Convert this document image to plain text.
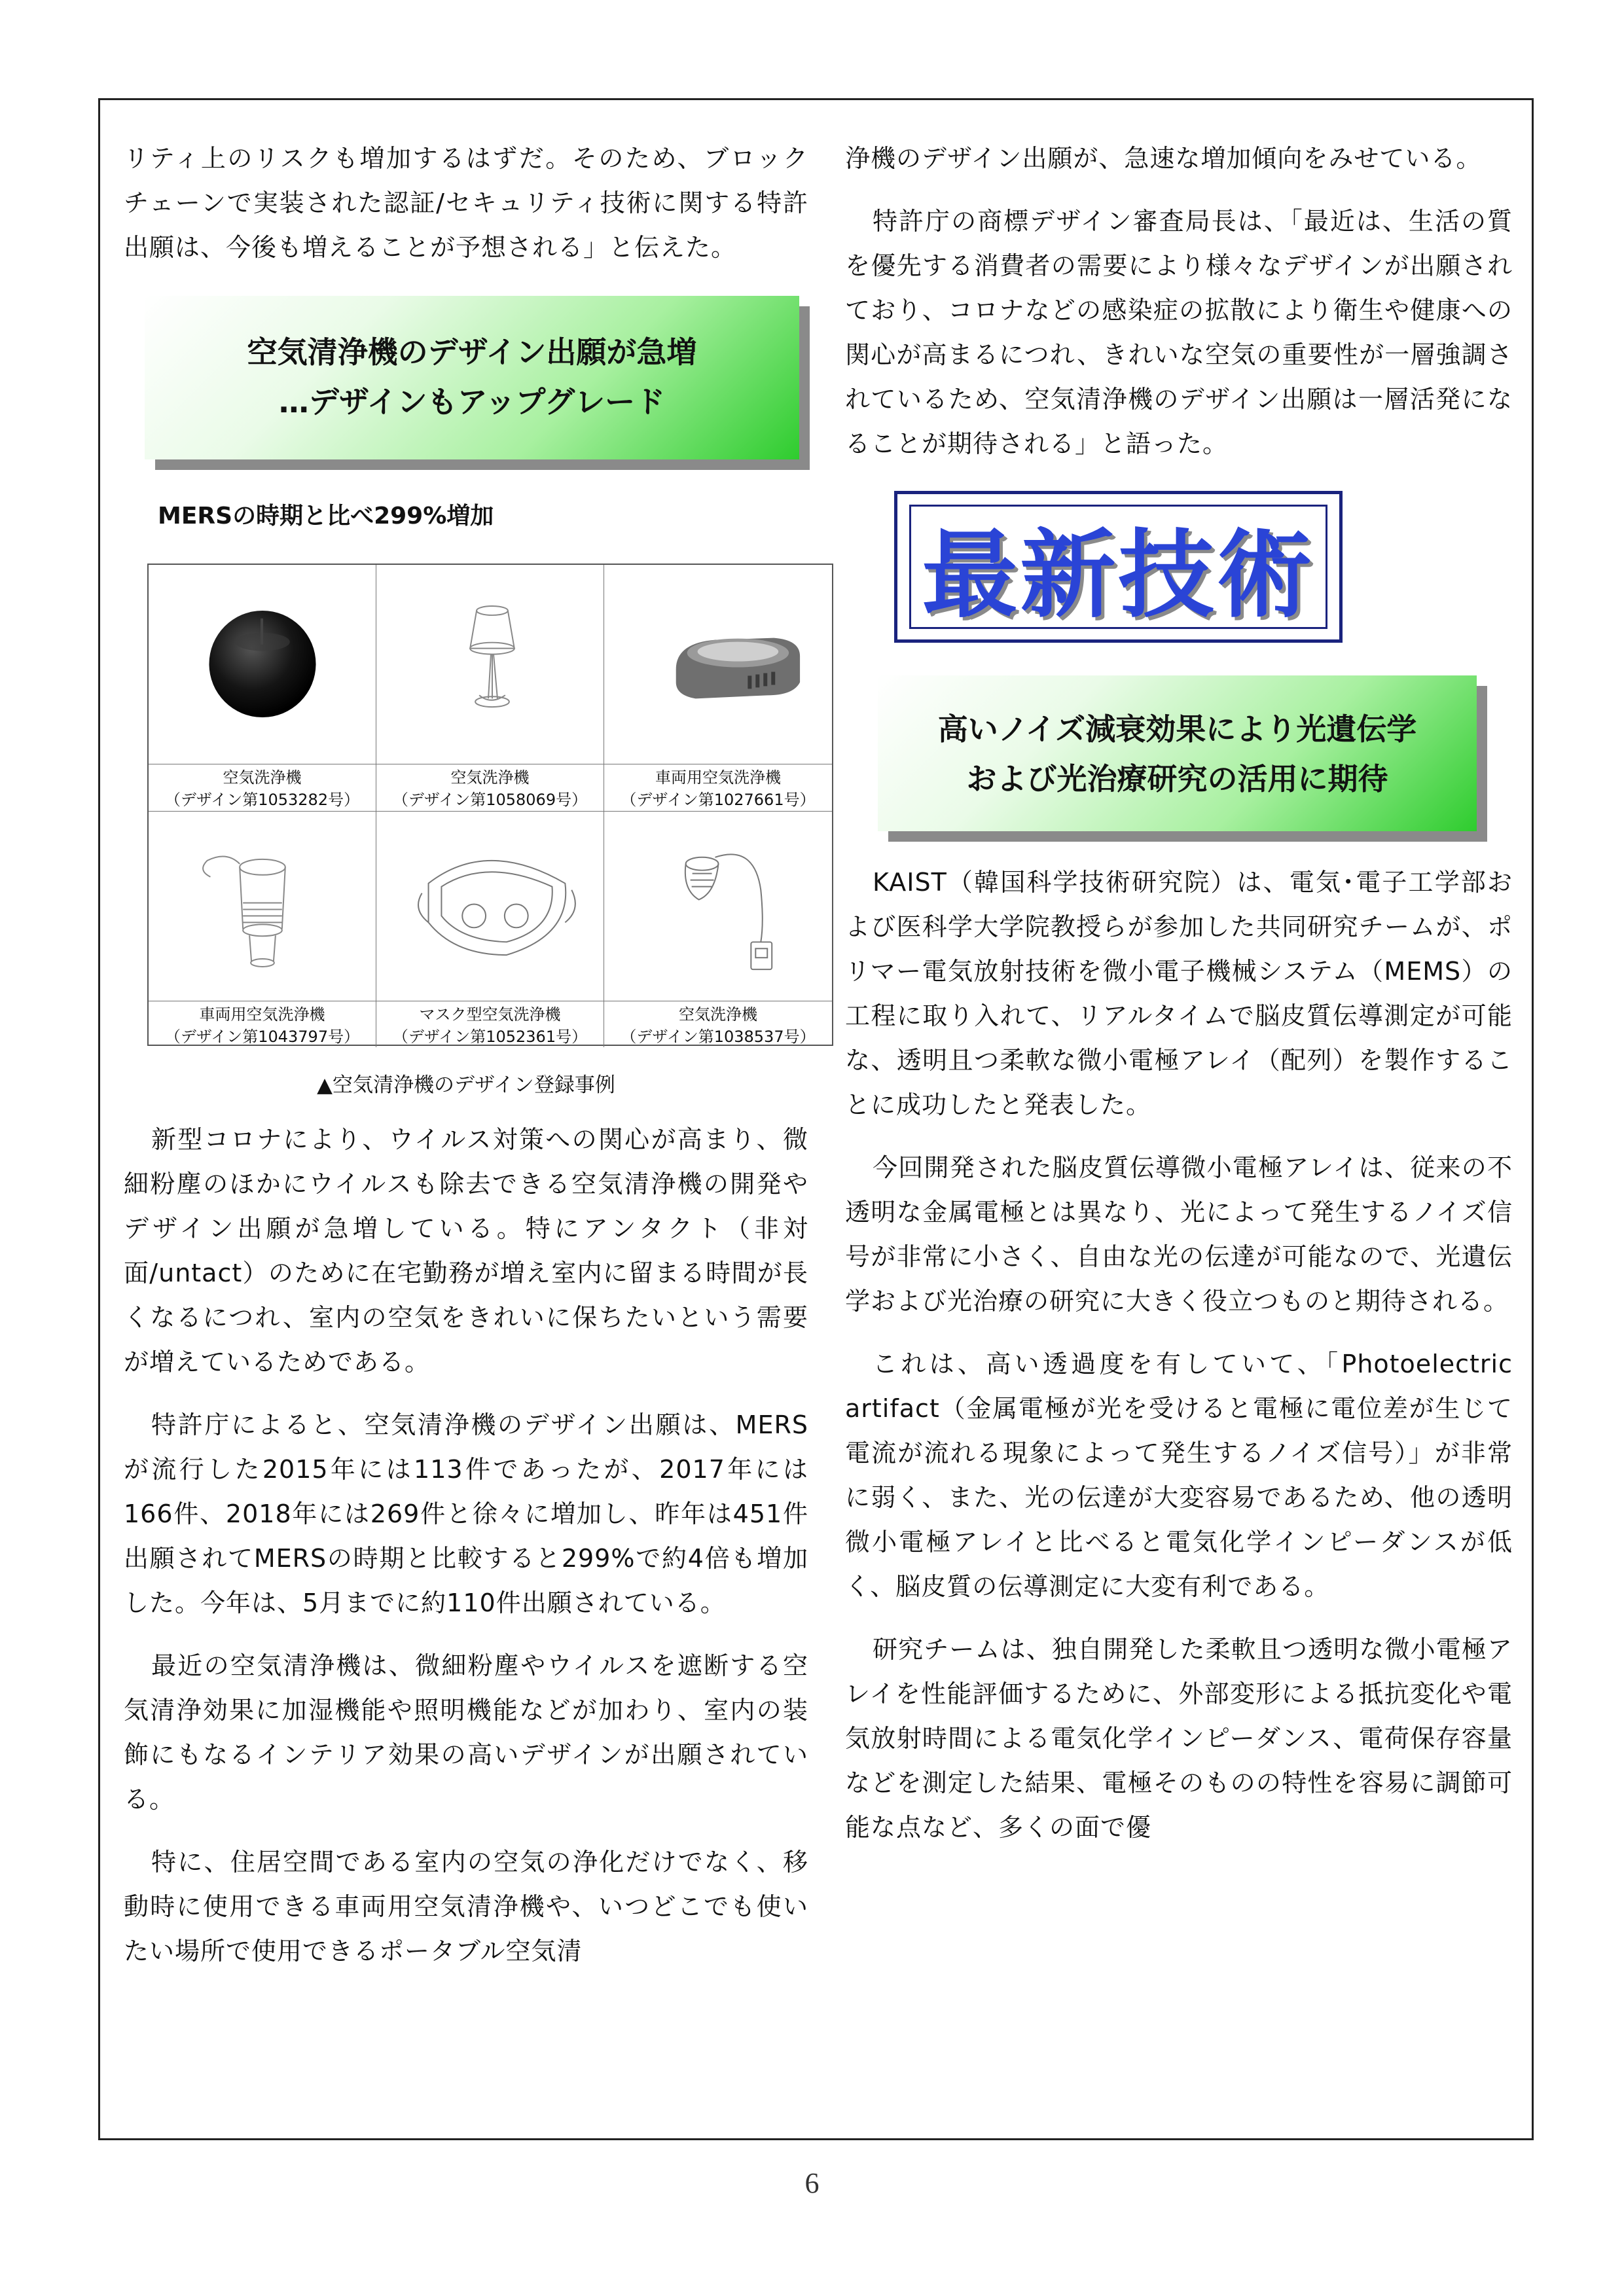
リティ上のリスクも増加するはずだ。そのため、ブロックチェーンで実装された認証/セキュリティ技術に関する特許出願は、今後も増えることが予想される」と伝えた。

空気清浄機のデザイン出願が急増
…デザインもアップグレード
MERSの時期と比べ299%増加
空気洗浄機
（デザイン第1053282号）
空気洗浄機
（デザイン第1058069号）
車両用空気洗浄機
（デザイン第1027661号）
車両用空気洗浄機
（デザイン第1043797号）
マスク型空気洗浄機
（デザイン第1052361号）
空気洗浄機
（デザイン第1038537号）
▲空気清浄機のデザイン登録事例

新型コロナにより、ウイルス対策への関心が高まり、微細粉塵のほかにウイルスも除去できる空気清浄機の開発やデザイン出願が急増している。特にアンタクト（非対面/untact）のために在宅勤務が増え室内に留まる時間が長くなるにつれ、室内の空気をきれいに保ちたいという需要が増えているためである。

特許庁によると、空気清浄機のデザイン出願は、MERSが流行した2015年には113件であったが、2017年には166件、2018年には269件と徐々に増加し、昨年は451件出願されてMERSの時期と比較すると299%で約4倍も増加した。今年は、5月までに約110件出願されている。

最近の空気清浄機は、微細粉塵やウイルスを遮断する空気清浄効果に加湿機能や照明機能などが加わり、室内の装飾にもなるインテリア効果の高いデザインが出願されている。

特に、住居空間である室内の空気の浄化だけでなく、移動時に使用できる車両用空気清浄機や、いつどこでも使いたい場所で使用できるポータブル空気清

浄機のデザイン出願が、急速な増加傾向をみせている。

特許庁の商標デザイン審査局長は、「最近は、生活の質を優先する消費者の需要により様々なデザインが出願されており、コロナなどの感染症の拡散により衛生や健康への関心が高まるにつれ、きれいな空気の重要性が一層強調されているため、空気清浄機のデザイン出願は一層活発になることが期待される」と語った。

最新技術
高いノイズ減衰効果により光遺伝学
および光治療研究の活用に期待

KAIST（韓国科学技術研究院）は、電気･電子工学部および医科学大学院教授らが参加した共同研究チームが、ポリマー電気放射技術を微小電子機械システム（MEMS）の工程に取り入れて、リアルタイムで脳皮質伝導測定が可能な、透明且つ柔軟な微小電極アレイ（配列）を製作することに成功したと発表した。

今回開発された脳皮質伝導微小電極アレイは、従来の不透明な金属電極とは異なり、光によって発生するノイズ信号が非常に小さく、自由な光の伝達が可能なので、光遺伝学および光治療の研究に大きく役立つものと期待される。

これは、高い透過度を有していて、「Photoelectric artifact（金属電極が光を受けると電極に電位差が生じて電流が流れる現象によって発生するノイズ信号）」が非常に弱く、また、光の伝達が大変容易であるため、他の透明微小電極アレイと比べると電気化学インピーダンスが低く、脳皮質の伝導測定に大変有利である。

研究チームは、独自開発した柔軟且つ透明な微小電極アレイを性能評価するために、外部変形による抵抗変化や電気放射時間による電気化学インピーダンス、電荷保存容量などを測定した結果、電極そのものの特性を容易に調節可能な点など、多くの面で優

6
